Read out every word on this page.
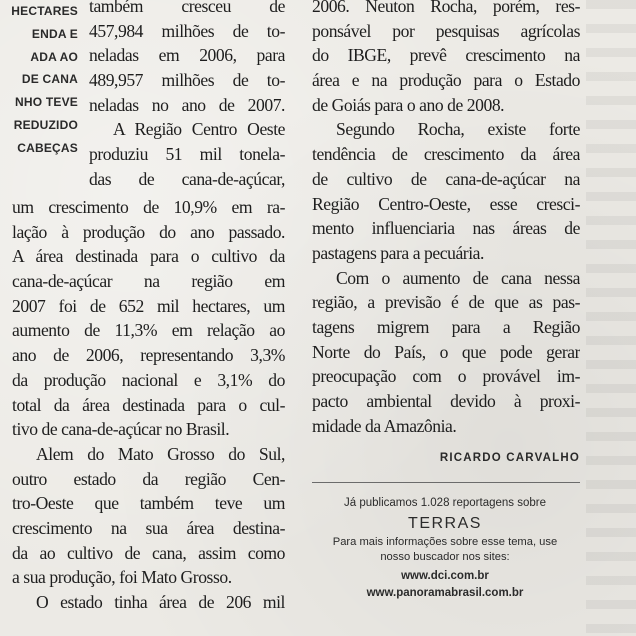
HECTARES
ENDA E
ADA AO
DE CANA
NHO TEVE
REDUZIDO
CABEÇAS
também cresceu de
457,984 milhões de to-
neladas em 2006, para
489,957 milhões de to-
neladas no ano de 2007.
A Região Centro Oeste
produziu 51 mil tonela-
das de cana-de-açúcar,
um crescimento de 10,9% em ra-
lação à produção do ano passado.
A área destinada para o cultivo da
cana-de-açúcar na região em
2007 foi de 652 mil hectares, um
aumento de 11,3% em relação ao
ano de 2006, representando 3,3%
da produção nacional e 3,1% do
total da área destinada para o cul-
tivo de cana-de-açúcar no Brasil.
Alem do Mato Grosso do Sul,
outro estado da região Cen-
tro-Oeste que também teve um
crescimento na sua área destina-
da ao cultivo de cana, assim como
a sua produção, foi Mato Grosso.
O estado tinha área de 206 mil
2006. Neuton Rocha, porém, res-
ponsável por pesquisas agrícolas
do IBGE, prevê crescimento na
área e na produção para o Estado
de Goiás para o ano de 2008.
Segundo Rocha, existe forte
tendência de crescimento da área
de cultivo de cana-de-açúcar na
Região Centro-Oeste, esse cresci-
mento influenciaria nas áreas de
pastagens para a pecuária.
Com o aumento de cana nessa
região, a previsão é de que as pas-
tagens migrem para a Região
Norte do País, o que pode gerar
preocupação com o provável im-
pacto ambiental devido à proxi-
midade da Amazônia.
RICARDO CARVALHO
Já publicamos 1.028 reportagens sobre
TERRAS
Para mais informações sobre esse tema, use
nosso buscador nos sites:
www.dci.com.br
www.panoramabrasil.com.br
